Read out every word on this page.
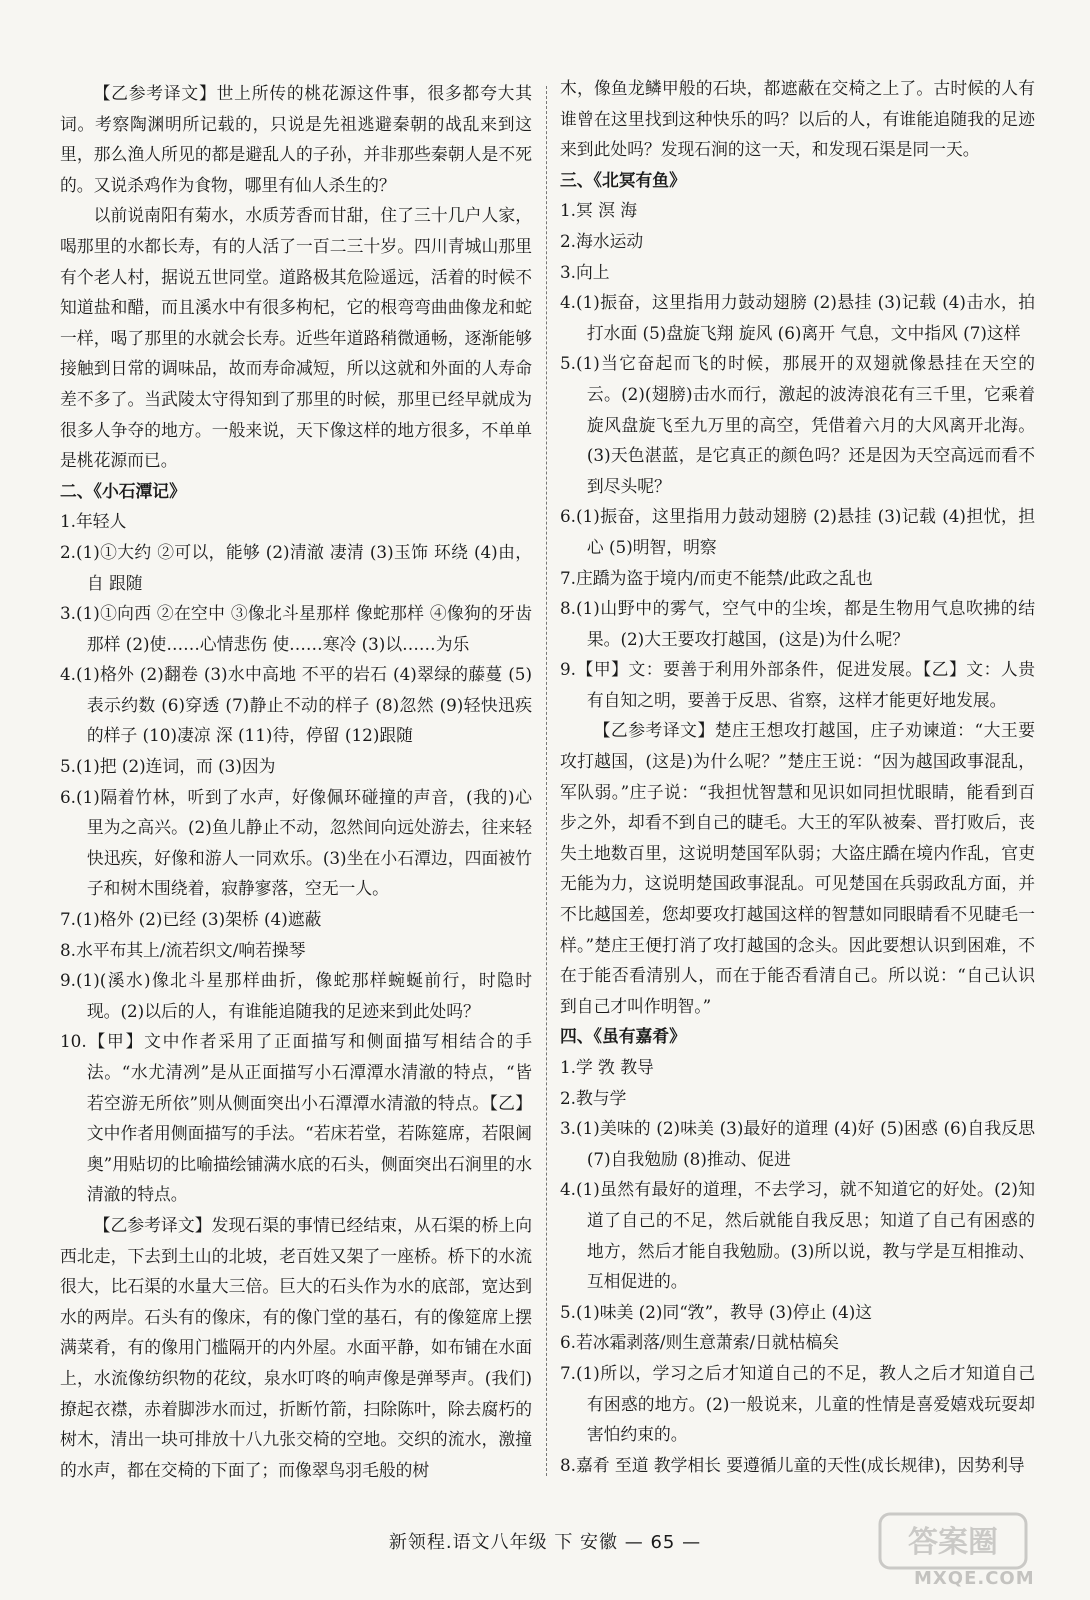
【乙参考译文】世上所传的桃花源这件事，很多都夸大其词。考察陶渊明所记载的，只说是先祖逃避秦朝的战乱来到这里，那么渔人所见的都是避乱人的子孙，并非那些秦朝人是不死的。又说杀鸡作为食物，哪里有仙人杀生的？

以前说南阳有菊水，水质芳香而甘甜，住了三十几户人家，喝那里的水都长寿，有的人活了一百二三十岁。四川青城山那里有个老人村，据说五世同堂。道路极其危险遥远，活着的时候不知道盐和醋，而且溪水中有很多枸杞，它的根弯弯曲曲像龙和蛇一样，喝了那里的水就会长寿。近些年道路稍微通畅，逐渐能够接触到日常的调味品，故而寿命减短，所以这就和外面的人寿命差不多了。当武陵太守得知到了那里的时候，那里已经早就成为很多人争夺的地方。一般来说，天下像这样的地方很多，不单单是桃花源而已。

二、《小石潭记》

1.年轻人

2.(1)①大约 ②可以，能够 (2)清澈 凄清 (3)玉饰 环绕 (4)由，自 跟随

3.(1)①向西 ②在空中 ③像北斗星那样 像蛇那样 ④像狗的牙齿那样 (2)使……心情悲伤 使……寒冷 (3)以……为乐

4.(1)格外 (2)翻卷 (3)水中高地 不平的岩石 (4)翠绿的藤蔓 (5)表示约数 (6)穿透 (7)静止不动的样子 (8)忽然 (9)轻快迅疾的样子 (10)凄凉 深 (11)待，停留 (12)跟随

5.(1)把 (2)连词，而 (3)因为

6.(1)隔着竹林，听到了水声，好像佩环碰撞的声音，(我的)心里为之高兴。(2)鱼儿静止不动，忽然间向远处游去，往来轻快迅疾，好像和游人一同欢乐。(3)坐在小石潭边，四面被竹子和树木围绕着，寂静寥落，空无一人。

7.(1)格外 (2)已经 (3)架桥 (4)遮蔽

8.水平布其上/流若织文/响若操琴

9.(1)(溪水)像北斗星那样曲折，像蛇那样蜿蜒前行，时隐时现。(2)以后的人，有谁能追随我的足迹来到此处吗？

10.【甲】文中作者采用了正面描写和侧面描写相结合的手法。“水尤清冽”是从正面描写小石潭潭水清澈的特点，“皆若空游无所依”则从侧面突出小石潭潭水清澈的特点。【乙】文中作者用侧面描写的手法。“若床若堂，若陈筵席，若限阃奥”用贴切的比喻描绘铺满水底的石头，侧面突出石涧里的水清澈的特点。

【乙参考译文】发现石渠的事情已经结束，从石渠的桥上向西北走，下去到土山的北坡，老百姓又架了一座桥。桥下的水流很大，比石渠的水量大三倍。巨大的石头作为水的底部，宽达到水的两岸。石头有的像床，有的像门堂的基石，有的像筵席上摆满菜肴，有的像用门槛隔开的内外屋。水面平静，如布铺在水面上，水流像纺织物的花纹，泉水叮咚的响声像是弹琴声。(我们)撩起衣襟，赤着脚涉水而过，折断竹箭，扫除陈叶，除去腐朽的树木，清出一块可排放十八九张交椅的空地。交织的流水，激撞的水声，都在交椅的下面了；而像翠鸟羽毛般的树

木，像鱼龙鳞甲般的石块，都遮蔽在交椅之上了。古时候的人有谁曾在这里找到这种快乐的吗？以后的人，有谁能追随我的足迹来到此处吗？发现石涧的这一天，和发现石渠是同一天。

三、《北冥有鱼》

1.冥 溟 海

2.海水运动

3.向上

4.(1)振奋，这里指用力鼓动翅膀 (2)悬挂 (3)记载 (4)击水，拍打水面 (5)盘旋飞翔 旋风 (6)离开 气息，文中指风 (7)这样

5.(1)当它奋起而飞的时候，那展开的双翅就像悬挂在天空的云。(2)(翅膀)击水而行，激起的波涛浪花有三千里，它乘着旋风盘旋飞至九万里的高空，凭借着六月的大风离开北海。(3)天色湛蓝，是它真正的颜色吗？还是因为天空高远而看不到尽头呢？

6.(1)振奋，这里指用力鼓动翅膀 (2)悬挂 (3)记载 (4)担忧，担心 (5)明智，明察

7.庄蹻为盗于境内/而吏不能禁/此政之乱也

8.(1)山野中的雾气，空气中的尘埃，都是生物用气息吹拂的结果。(2)大王要攻打越国，(这是)为什么呢？

9.【甲】文：要善于利用外部条件，促进发展。【乙】文：人贵有自知之明，要善于反思、省察，这样才能更好地发展。

【乙参考译文】楚庄王想攻打越国，庄子劝谏道：“大王要攻打越国，(这是)为什么呢？”楚庄王说：“因为越国政事混乱，军队弱。”庄子说：“我担忧智慧和见识如同担忧眼睛，能看到百步之外，却看不到自己的睫毛。大王的军队被秦、晋打败后，丧失土地数百里，这说明楚国军队弱；大盗庄蹻在境内作乱，官吏无能为力，这说明楚国政事混乱。可见楚国在兵弱政乱方面，并不比越国差，您却要攻打越国这样的智慧如同眼睛看不见睫毛一样。”楚庄王便打消了攻打越国的念头。因此要想认识到困难，不在于能否看清别人，而在于能否看清自己。所以说：“自己认识到自己才叫作明智。”

四、《虽有嘉肴》

1.学 敩 教导

2.教与学

3.(1)美味的 (2)味美 (3)最好的道理 (4)好 (5)困惑 (6)自我反思 (7)自我勉励 (8)推动、促进

4.(1)虽然有最好的道理，不去学习，就不知道它的好处。(2)知道了自己的不足，然后就能自我反思；知道了自己有困惑的地方，然后才能自我勉励。(3)所以说，教与学是互相推动、互相促进的。

5.(1)味美 (2)同“敩”，教导 (3)停止 (4)这

6.若冰霜剥落/则生意萧索/日就枯槁矣

7.(1)所以，学习之后才知道自己的不足，教人之后才知道自己有困惑的地方。(2)一般说来，儿童的性情是喜爱嬉戏玩耍却害怕约束的。

8.嘉肴 至道 教学相长 要遵循儿童的天性(成长规律)，因势利导

新领程.语文八年级 下 安徽 — 65 —	答案圈
MXQE.COM
